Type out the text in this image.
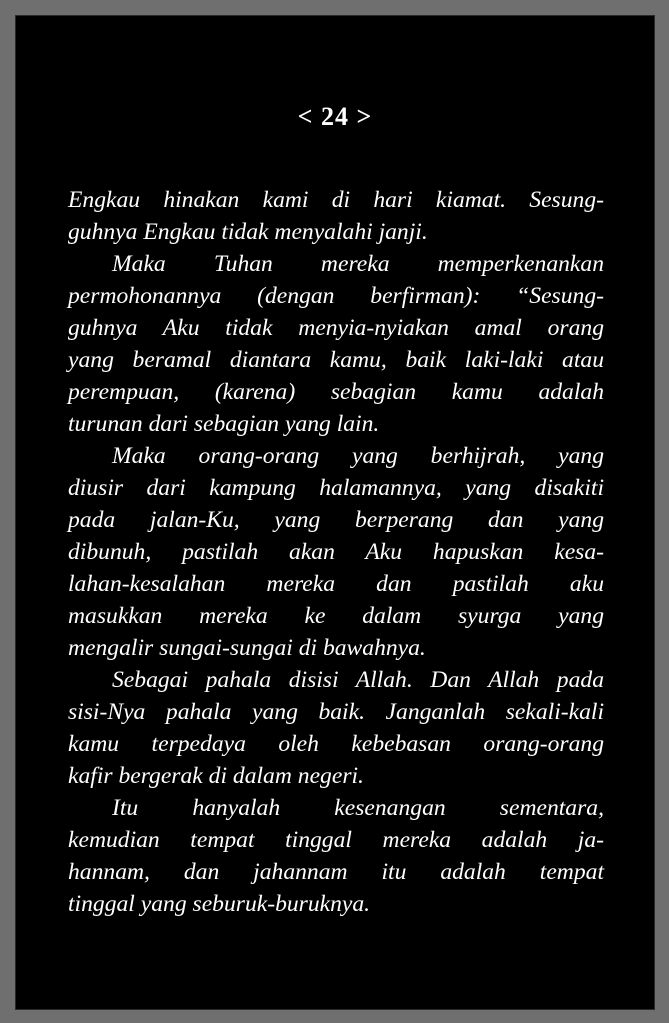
< 24 >
Engkau hinakan kami di hari kiamat. Sesung-
guhnya Engkau tidak menyalahi janji.
Maka Tuhan mereka memperkenankan
permohonannya (dengan berfirman): “Sesung-
guhnya Aku tidak menyia-nyiakan amal orang
yang beramal diantara kamu, baik laki-laki atau
perempuan, (karena) sebagian kamu adalah
turunan dari sebagian yang lain.
Maka orang-orang yang berhijrah, yang
diusir dari kampung halamannya, yang disakiti
pada jalan-Ku, yang berperang dan yang
dibunuh, pastilah akan Aku hapuskan kesa-
lahan-kesalahan mereka dan pastilah aku
masukkan mereka ke dalam syurga yang
mengalir sungai-sungai di bawahnya.
Sebagai pahala disisi Allah. Dan Allah pada
sisi-Nya pahala yang baik. Janganlah sekali-kali
kamu terpedaya oleh kebebasan orang-orang
kafir bergerak di dalam negeri.
Itu hanyalah kesenangan sementara,
kemudian tempat tinggal mereka adalah ja-
hannam, dan jahannam itu adalah tempat
tinggal yang seburuk-buruknya.
